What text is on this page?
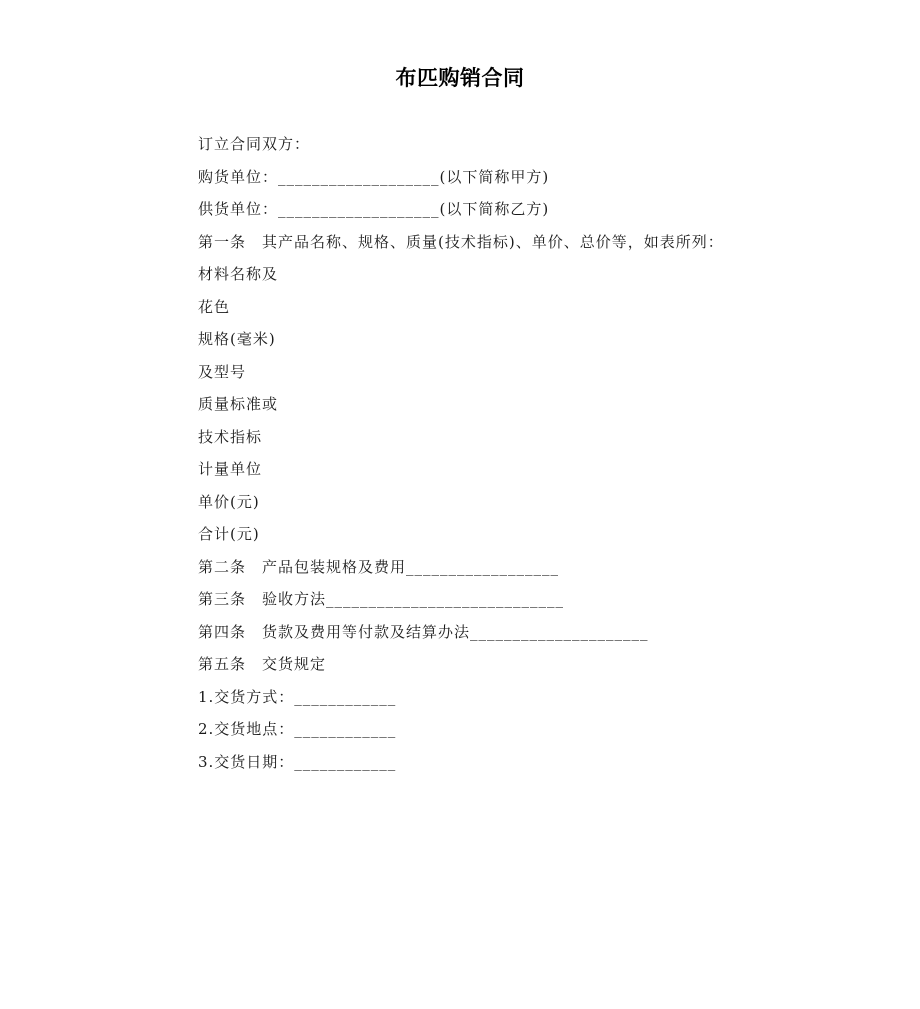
布匹购销合同
订立合同双方：
购货单位：___________________(以下简称甲方)
供货单位：___________________(以下简称乙方)
第一条　其产品名称、规格、质量(技术指标)、单价、总价等，如表所列：
材料名称及
花色
规格(毫米)
及型号
质量标准或
技术指标
计量单位
单价(元)
合计(元)
第二条　产品包装规格及费用__________________
第三条　验收方法____________________________
第四条　货款及费用等付款及结算办法_____________________
第五条　交货规定
1.交货方式：____________
2.交货地点：____________
3.交货日期：____________
